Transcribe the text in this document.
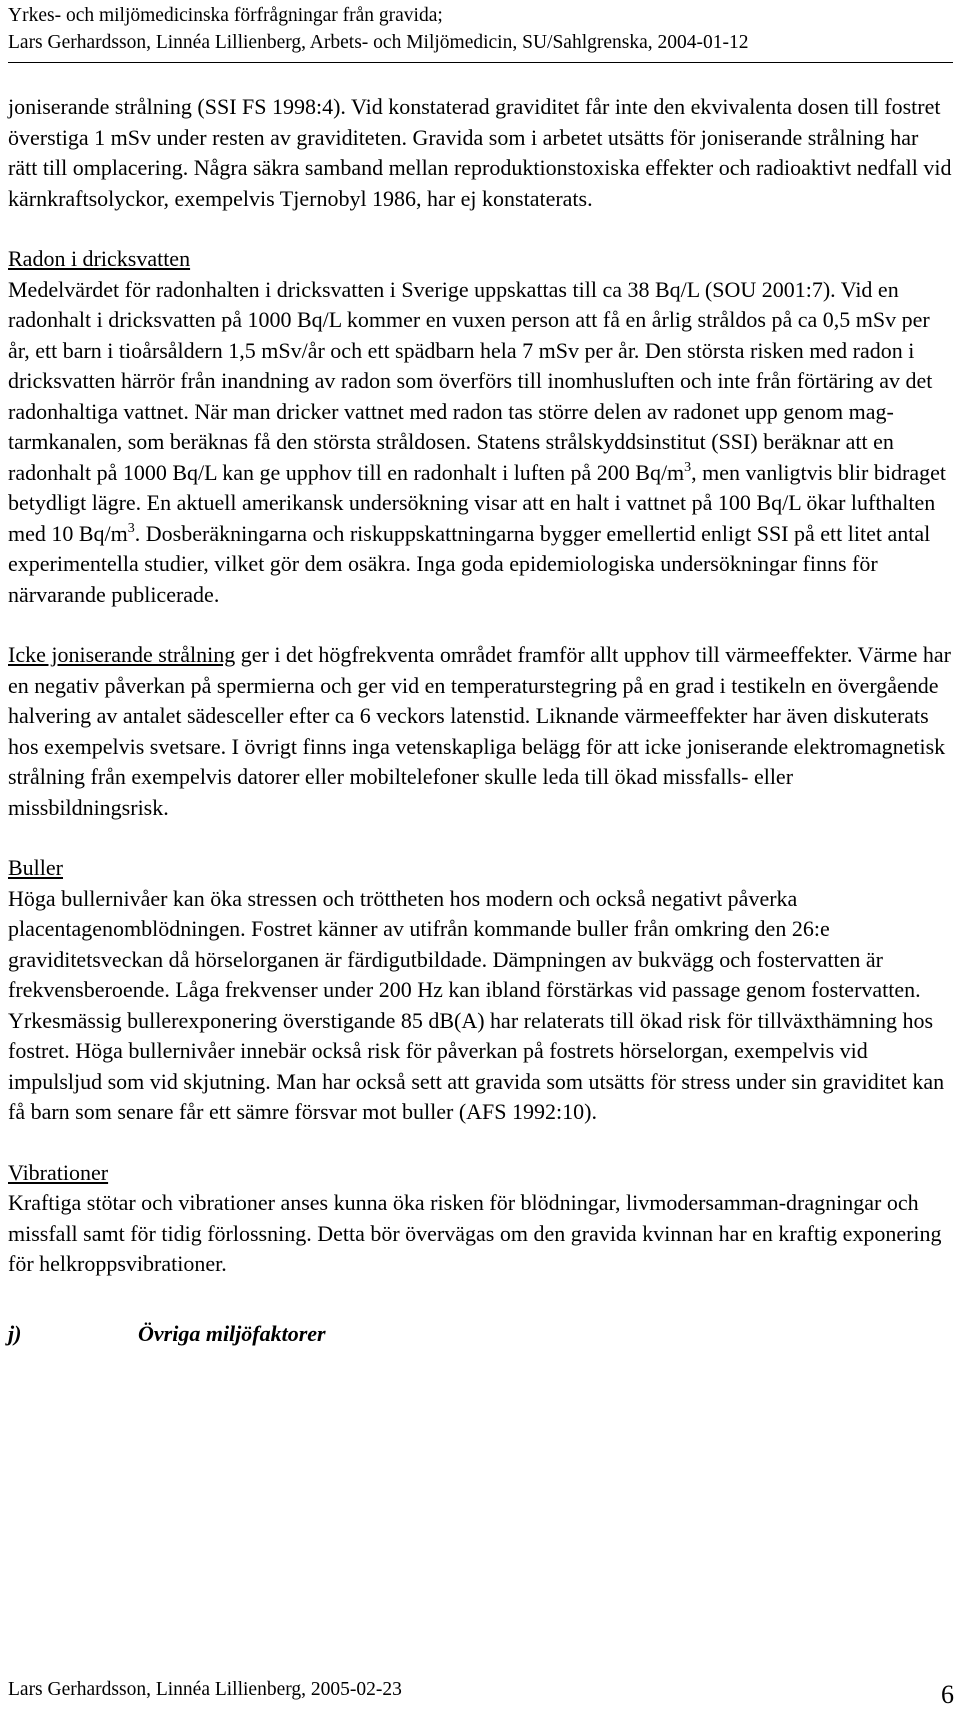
Yrkes- och miljömedicinska förfrågningar från gravida;
Lars Gerhardsson, Linnéa Lillienberg, Arbets- och Miljömedicin, SU/Sahlgrenska, 2004-01-12

joniserande strålning (SSI FS 1998:4). Vid konstaterad graviditet får inte den ekvivalenta dosen till fostret överstiga 1 mSv under resten av graviditeten. Gravida som i arbetet utsätts för joniserande strålning har rätt till omplacering. Några säkra samband mellan reproduktionstoxiska effekter och radioaktivt nedfall vid kärnkraftsolyckor, exempelvis Tjernobyl 1986, har ej konstaterats.

Radon i dricksvatten

Medelvärdet för radonhalten i dricksvatten i Sverige uppskattas till ca 38 Bq/L (SOU 2001:7). Vid en radonhalt i dricksvatten på 1000 Bq/L kommer en vuxen person att få en årlig stråldos på ca 0,5 mSv per år, ett barn i tioårsåldern 1,5 mSv/år och ett spädbarn hela 7 mSv per år. Den största risken med radon i dricksvatten härrör från inandning av radon som överförs till inomhusluften och inte från förtäring av det radonhaltiga vattnet. När man dricker vattnet med radon tas större delen av radonet upp genom mag-tarmkanalen, som beräknas få den största stråldosen. Statens strålskyddsinstitut (SSI) beräknar att en radonhalt på 1000 Bq/L kan ge upphov till en radonhalt i luften på 200 $Bq/m^3$, men vanligtvis blir bidraget betydligt lägre. En aktuell amerikansk undersökning visar att en halt i vattnet på 100 Bq/L ökar lufthalten med 10 $Bq/m^3$. Dosberäkningarna och riskuppskattningarna bygger emellertid enligt SSI på ett litet antal experimentella studier, vilket gör dem osäkra. Inga goda epidemiologiska undersökningar finns för närvarande publicerade.

Icke joniserande strålning ger i det högfrekventa området framför allt upphov till värmeeffekter. Värme har en negativ påverkan på spermierna och ger vid en temperaturstegring på en grad i testikeln en övergående halvering av antalet sädesceller efter ca 6 veckors latenstid. Liknande värmeeffekter har även diskuterats hos exempelvis svetsare. I övrigt finns inga vetenskapliga belägg för att icke joniserande elektromagnetisk strålning från exempelvis datorer eller mobiltelefoner skulle leda till ökad missfalls- eller missbildningsrisk.

Buller

Höga bullernivåer kan öka stressen och tröttheten hos modern och också negativt påverka placentagenomblödningen. Fostret känner av utifrån kommande buller från omkring den 26:e graviditetsveckan då hörselorganen är färdigutbildade. Dämpningen av bukvägg och fostervatten är frekvensberoende. Låga frekvenser under 200 Hz kan ibland förstärkas vid passage genom fostervatten. Yrkesmässig bullerexponering överstigande 85 dB(A) har relaterats till ökad risk för tillväxthämning hos fostret. Höga bullernivåer innebär också risk för påverkan på fostrets hörselorgan, exempelvis vid impulsljud som vid skjutning. Man har också sett att gravida som utsätts för stress under sin graviditet kan få barn som senare får ett sämre försvar mot buller (AFS 1992:10).

Vibrationer

Kraftiga stötar och vibrationer anses kunna öka risken för blödningar, livmodersamman-dragningar och missfall samt för tidig förlossning. Detta bör övervägas om den gravida kvinnan har en kraftig exponering för helkroppsvibrationer.

j)	Övriga miljöfaktorer

Lars Gerhardsson, Linnéa Lillienberg, 2005-02-23	6
